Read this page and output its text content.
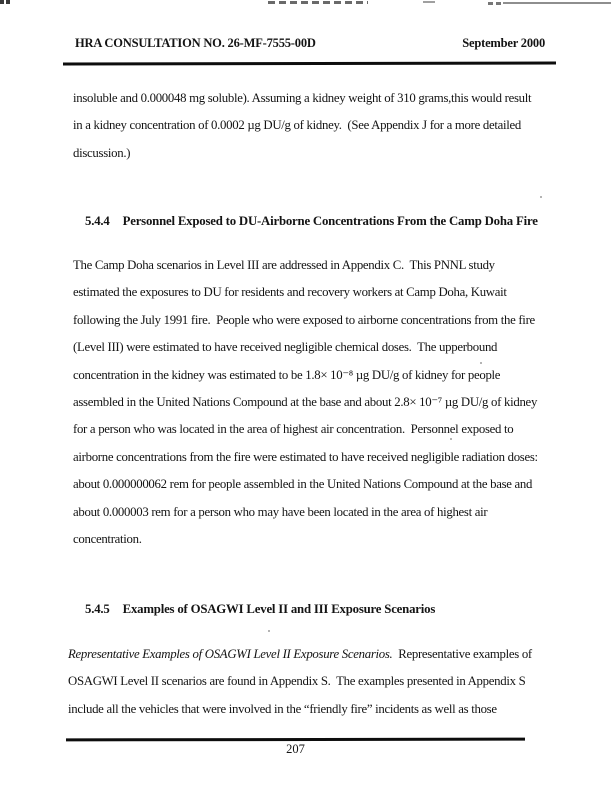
HRA CONSULTATION NO. 26-MF-7555-00D	September 2000
insoluble and 0.000048 mg soluble). Assuming a kidney weight of 310 grams,this would result
in a kidney concentration of 0.0002 µg DU/g of kidney.  (See Appendix J for a more detailed
discussion.)

5.4.4 Personnel Exposed to DU-Airborne Concentrations From the Camp Doha Fire

The Camp Doha scenarios in Level III are addressed in Appendix C.  This PNNL study
estimated the exposures to DU for residents and recovery workers at Camp Doha, Kuwait
following the July 1991 fire.  People who were exposed to airborne concentrations from the fire
(Level III) were estimated to have received negligible chemical doses.  The upperbound
concentration in the kidney was estimated to be 1.8× 10⁻⁸ µg DU/g of kidney for people
assembled in the United Nations Compound at the base and about 2.8× 10⁻⁷ µg DU/g of kidney
for a person who was located in the area of highest air concentration.  Personnel exposed to
airborne concentrations from the fire were estimated to have received negligible radiation doses:
about 0.000000062 rem for people assembled in the United Nations Compound at the base and
about 0.000003 rem for a person who may have been located in the area of highest air
concentration.

5.4.5 Examples of OSAGWI Level II and III Exposure Scenarios

Representative Examples of OSAGWI Level II Exposure Scenarios.  Representative examples of
OSAGWI Level II scenarios are found in Appendix S.  The examples presented in Appendix S
include all the vehicles that were involved in the “friendly fire” incidents as well as those
207
